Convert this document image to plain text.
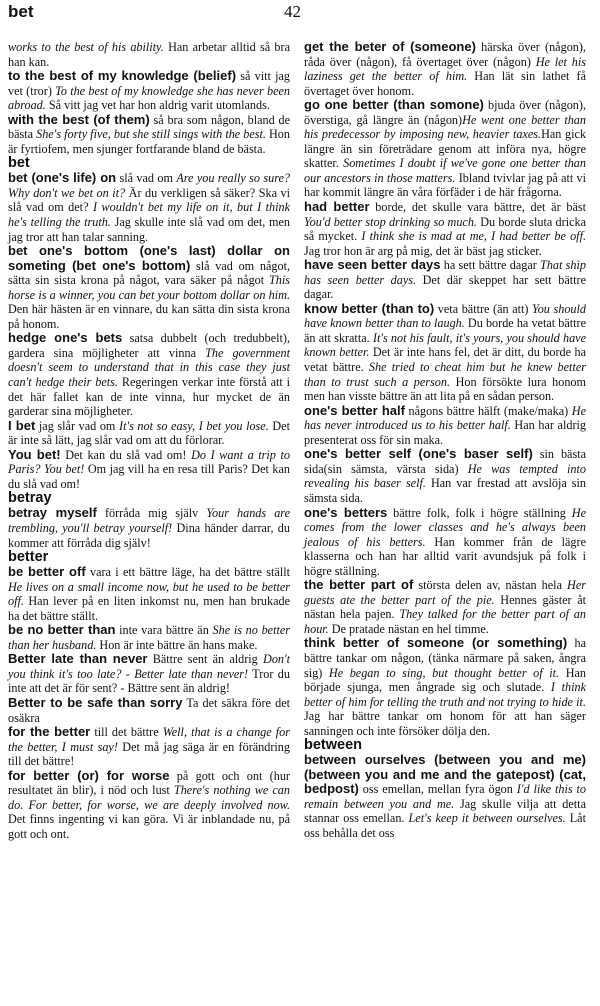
bet	42

works to the best of his ability. Han arbetar alltid så bra han kan.

to the best of my knowledge (belief) så vitt jag vet (tror) To the best of my knowledge she has never been abroad. Så vitt jag vet har hon aldrig varit utomlands.

with the best (of them) så bra som någon, bland de bästa She's forty five, but she still sings with the best. Hon är fyrtiofem, men sjunger fortfarande bland de bästa.

bet

bet (one's life) on slå vad om Are you really so sure? Why don't we bet on it? Är du verkligen så säker? Ska vi slå vad om det? I wouldn't bet my life on it, but I think he's telling the truth. Jag skulle inte slå vad om det, men jag tror att han talar sanning.

bet one's bottom (one's last) dollar on someting (bet one's bottom) slå vad om något, sätta sin sista krona på något, vara säker på något This horse is a winner, you can bet your bottom dollar on him. Den här hästen är en vinnare, du kan sätta din sista krona på honom.

hedge one's bets satsa dubbelt (och tredubbelt), gardera sina möjligheter att vinna The government doesn't seem to understand that in this case they just can't hedge their bets. Regeringen verkar inte förstå att i det här fallet kan de inte vinna, hur mycket de än garderar sina möjligheter.

I bet jag slår vad om It's not so easy, I bet you lose. Det är inte så lätt, jag slår vad om att du förlorar.

You bet! Det kan du slå vad om! Do I want a trip to Paris? You bet! Om jag vill ha en resa till Paris? Det kan du slå vad om!

betray

betray myself förråda mig själv Your hands are trembling, you'll betray yourself! Dina händer darrar, du kommer att förråda dig själv!

better

be better off vara i ett bättre läge, ha det bättre ställt He lives on a small income now, but he used to be better off. Han lever på en liten inkomst nu, men han brukade ha det bättre ställt.

be no better than inte vara bättre än She is no better than her husband. Hon är inte bättre än hans make.

Better late than never Bättre sent än aldrig Don't you think it's too late? - Better late than never! Tror du inte att det är för sent? - Bättre sent än aldrig!

Better to be safe than sorry Ta det säkra före det osäkra

for the better till det bättre Well, that is a change for the better, I must say! Det må jag säga är en förändring till det bättre!

for better (or) for worse på gott och ont (hur resultatet än blir), i nöd och lust There's nothing we can do. For better, for worse, we are deeply involved now. Det finns ingenting vi kan göra. Vi är inblandade nu, på gott och ont.

get the beter of (someone) härska över (någon), råda över (någon), få övertaget över (någon) He let his laziness get the better of him. Han lät sin lathet få övertaget över honom.

go one better (than somone) bjuda över (någon), överstiga, gå längre än (någon)He went one better than his predecessor by imposing new, heavier taxes.Han gick längre än sin företrädare genom att införa nya, högre skatter. Sometimes I doubt if we've gone one better than our ancestors in those matters. Ibland tvivlar jag på att vi har kommit längre än våra förfäder i de här frågorna.

had better borde, det skulle vara bättre, det är bäst You'd better stop drinking so much. Du borde sluta dricka så mycket. I think she is mad at me, I had better be off. Jag tror hon är arg på mig, det är bäst jag sticker.

have seen better days ha sett bättre dagar That ship has seen better days. Det där skeppet har sett bättre dagar.

know better (than to) veta bättre (än att) You should have known better than to laugh. Du borde ha vetat bättre än att skratta. It's not his fault, it's yours, you should have known better. Det är inte hans fel, det är ditt, du borde ha vetat bättre. She tried to cheat him but he knew better than to trust such a person. Hon försökte lura honom men han visste bättre än att lita på en sådan person.

one's better half någons bättre hälft (make/maka) He has never introduced us to his better half. Han har aldrig presenterat oss för sin maka.

one's better self (one's baser self) sin bästa sida(sin sämsta, värsta sida) He was tempted into revealing his baser self. Han var frestad att avslöja sin sämsta sida.

one's betters bättre folk, folk i högre ställning He comes from the lower classes and he's always been jealous of his betters. Han kommer från de lägre klasserna och han har alltid varit avundsjuk på folk i högre ställning.

the better part of största delen av, nästan hela Her guests ate the better part of the pie. Hennes gäster åt nästan hela pajen. They talked for the better part of an hour. De pratade nästan en hel timme.

think better of someone (or something) ha bättre tankar om någon, (tänka närmare på saken, ångra sig) He began to sing, but thought better of it. Han började sjunga, men ångrade sig och slutade. I think better of him for telling the truth and not trying to hide it. Jag har bättre tankar om honom för att han säger sanningen och inte försöker dölja den.

between

between ourselves (between you and me) (between you and me and the gatepost) (cat, bedpost) oss emellan, mellan fyra ögon I'd like this to remain between you and me. Jag skulle vilja att detta stannar oss emellan. Let's keep it between ourselves. Låt oss behålla det oss
